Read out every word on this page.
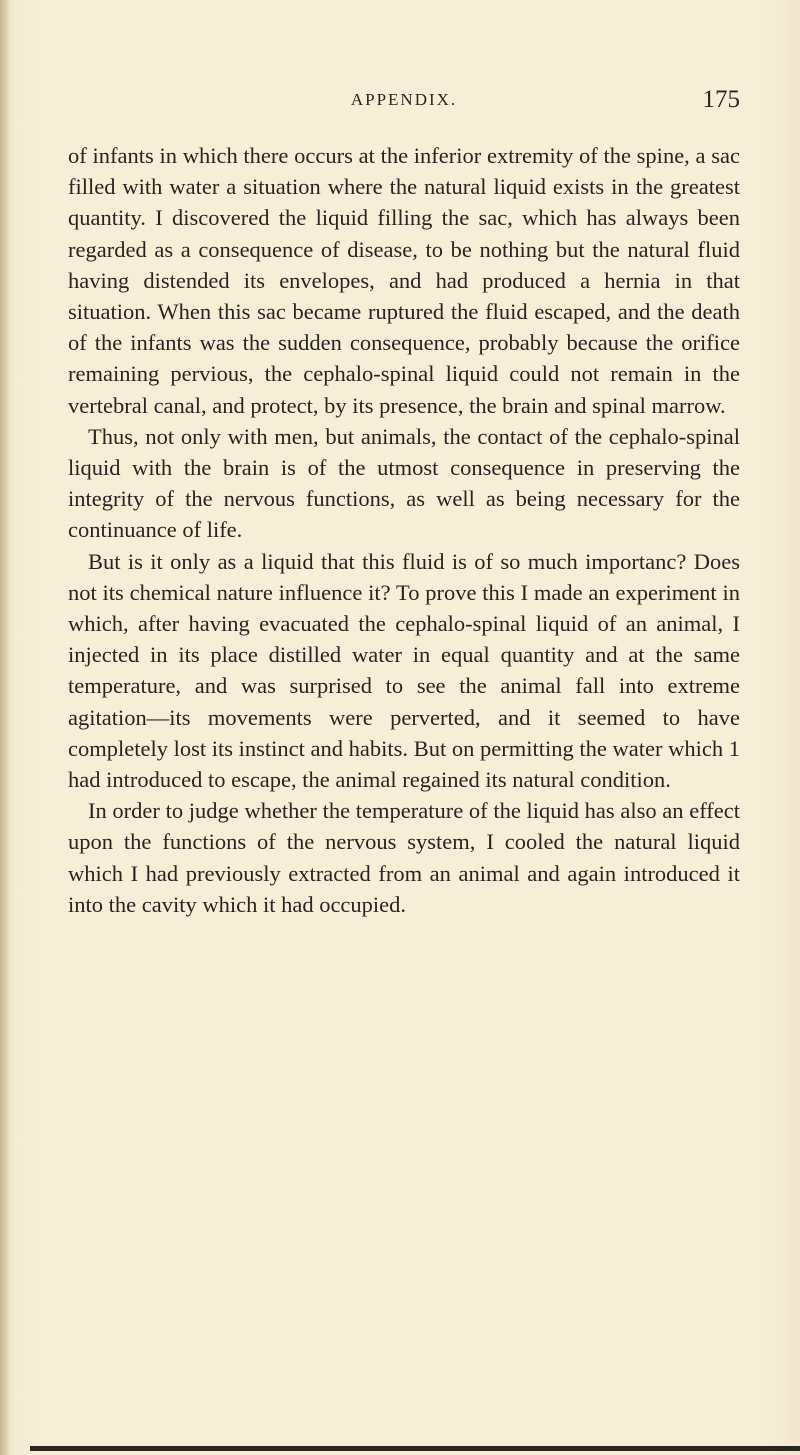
APPENDIX.	175

of infants in which there occurs at the inferior extremity of the spine, a sac filled with water a situation where the natural liquid exists in the greatest quantity. I discovered the liquid filling the sac, which has always been regarded as a consequence of disease, to be nothing but the natural fluid having distended its envelopes, and had produced a hernia in that situation. When this sac became ruptured the fluid escaped, and the death of the infants was the sudden consequence, probably because the orifice remaining pervious, the cephalo-spinal liquid could not remain in the vertebral canal, and protect, by its presence, the brain and spinal marrow.

Thus, not only with men, but animals, the contact of the cephalo-spinal liquid with the brain is of the utmost consequence in preserving the integrity of the nervous functions, as well as being necessary for the continuance of life.

But is it only as a liquid that this fluid is of so much importanc? Does not its chemical nature influence it? To prove this I made an experiment in which, after having evacuated the cephalo-spinal liquid of an animal, I injected in its place distilled water in equal quantity and at the same temperature, and was surprised to see the animal fall into extreme agitation—its movements were perverted, and it seemed to have completely lost its instinct and habits. But on permitting the water which 1 had introduced to escape, the animal regained its natural condition.

In order to judge whether the temperature of the liquid has also an effect upon the functions of the nervous system, I cooled the natural liquid which I had previously extracted from an animal and again introduced it into the cavity which it had occupied.
